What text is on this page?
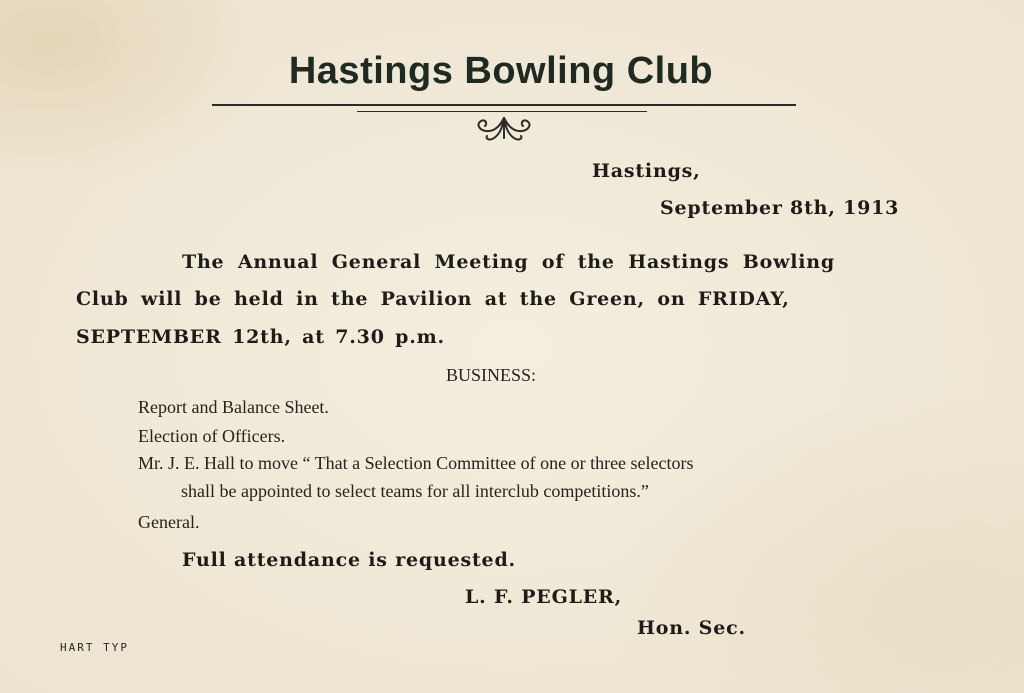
Hastings Bowling Club

Hastings,

September 8th, 1913

The Annual General Meeting of the Hastings Bowling

Club will be held in the Pavilion at the Green, on FRIDAY,

SEPTEMBER 12th, at 7.30 p.m.

BUSINESS:

Report and Balance Sheet.

Election of Officers.

Mr. J. E. Hall to move “ That a Selection Committee of one or three selectors

shall be appointed to select teams for all interclub competitions.”

General.

Full attendance is requested.

L. F. PEGLER,

Hon. Sec.

HART TYP
